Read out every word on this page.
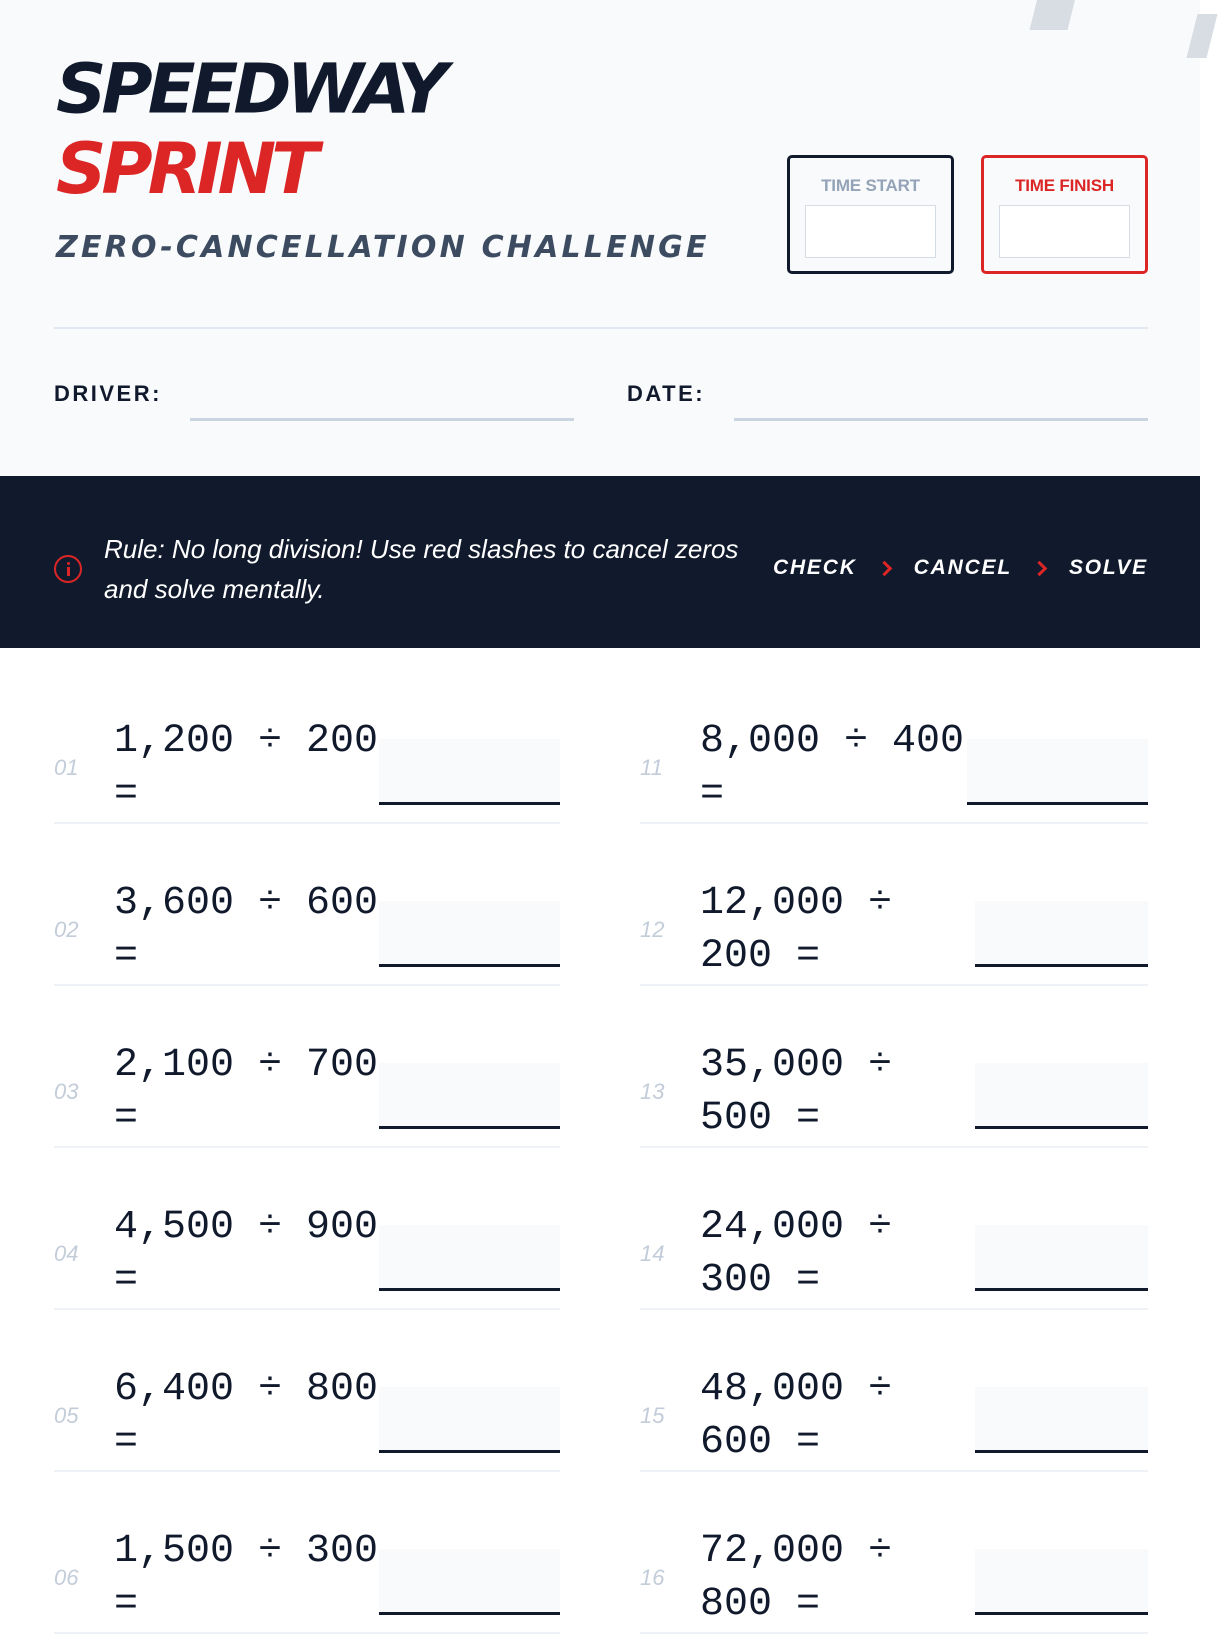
SPEEDWAY
SPRINT
ZERO-CANCELLATION CHALLENGE
TIME START	TIME FINISH
DRIVER:	DATE:
Rule: No long division! Use red slashes to cancel zeros and solve mentally.
CHECK	CANCEL	SOLVE
01
1,200 ÷ 200 =
02
3,600 ÷ 600 =
03
2,100 ÷ 700 =
04
4,500 ÷ 900 =
05
6,400 ÷ 800 =
06
1,500 ÷ 300 =
11
8,000 ÷ 400 =
12
12,000 ÷ 200 =
13
35,000 ÷ 500 =
14
24,000 ÷ 300 =
15
48,000 ÷ 600 =
16
72,000 ÷ 800 =
